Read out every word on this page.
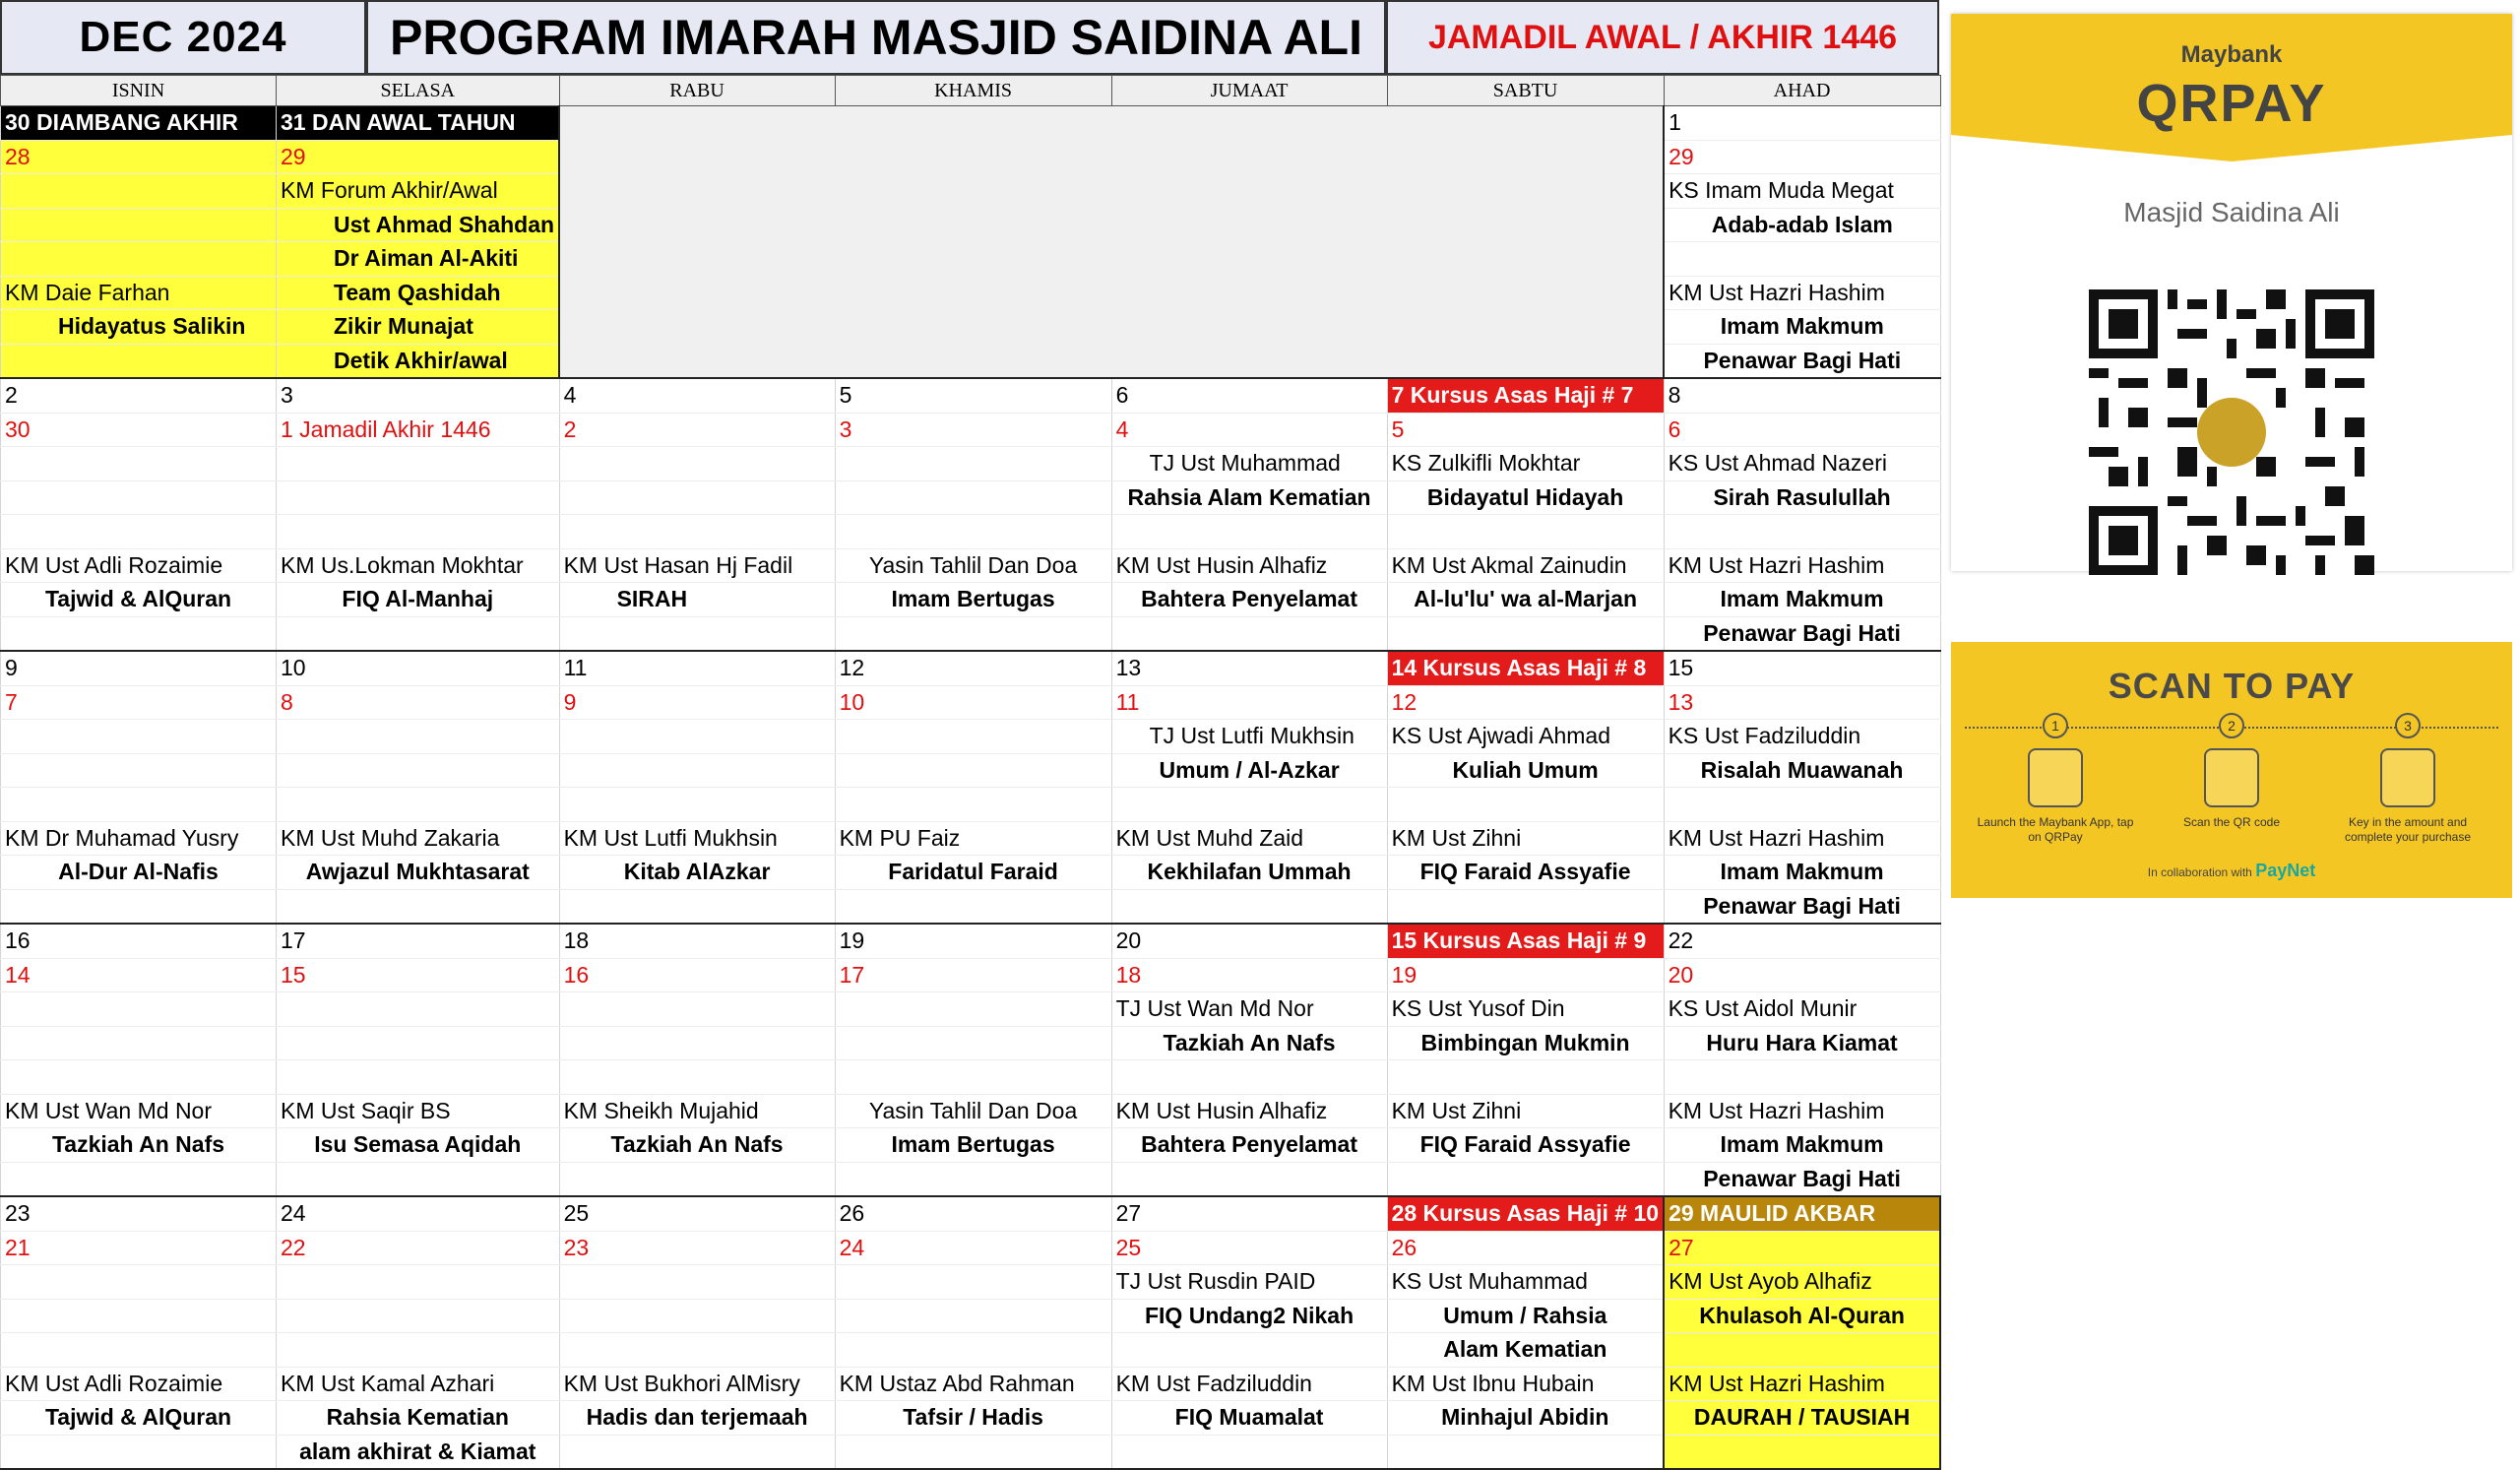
DEC 2024	PROGRAM IMARAH MASJID SAIDINA ALI	JAMADIL AWAL / AKHIR 1446
ISNIN	SELASA	RABU	KHAMIS	JUMAAT	SABTU	AHAD
30 DIAMBANG AKHIR	31 DAN AWAL TAHUN					1
28	29					29
	KM Forum Akhir/Awal					KS Imam Muda Megat
	Ust Ahmad Shahdan					Adab-adab Islam
	Dr Aiman Al-Akiti					
KM Daie Farhan	Team Qashidah					KM Ust Hazri Hashim
Hidayatus Salikin	Zikir Munajat					Imam Makmum
	Detik Akhir/awal					Penawar Bagi Hati
2	3	4	5	6	7 Kursus Asas Haji # 7	8
30	1 Jamadil Akhir 1446	2	3	4	5	6
				TJ Ust Muhammad	KS Zulkifli Mokhtar	KS Ust Ahmad Nazeri
				Rahsia Alam Kematian	Bidayatul Hidayah	Sirah Rasulullah

KM Ust Adli Rozaimie	KM Us.Lokman Mokhtar	KM Ust Hasan Hj Fadil	Yasin Tahlil Dan Doa	KM Ust Husin Alhafiz	KM Ust Akmal Zainudin	KM Ust Hazri Hashim
Tajwid & AlQuran	FIQ Al-Manhaj	SIRAH	Imam Bertugas	Bahtera Penyelamat	Al-lu'lu' wa al-Marjan	Imam Makmum
						Penawar Bagi Hati
9	10	11	12	13	14 Kursus Asas Haji # 8	15
7	8	9	10	11	12	13
				TJ Ust Lutfi Mukhsin	KS Ust Ajwadi Ahmad	KS Ust Fadziluddin
				Umum / Al-Azkar	Kuliah Umum	Risalah Muawanah

KM Dr Muhamad Yusry	KM Ust Muhd Zakaria	KM Ust Lutfi Mukhsin	KM PU Faiz	KM Ust Muhd Zaid	KM Ust Zihni	KM Ust Hazri Hashim
Al-Dur Al-Nafis	Awjazul Mukhtasarat	Kitab AlAzkar	Faridatul Faraid	Kekhilafan Ummah	FIQ Faraid Assyafie	Imam Makmum
						Penawar Bagi Hati
16	17	18	19	20	15 Kursus Asas Haji # 9	22
14	15	16	17	18	19	20
				TJ Ust Wan Md Nor	KS Ust Yusof Din	KS Ust Aidol Munir
				Tazkiah An Nafs	Bimbingan Mukmin	Huru Hara Kiamat

KM Ust Wan Md Nor	KM Ust Saqir BS	KM Sheikh Mujahid	Yasin Tahlil Dan Doa	KM Ust Husin Alhafiz	KM Ust Zihni	KM Ust Hazri Hashim
Tazkiah An Nafs	Isu Semasa Aqidah	Tazkiah An Nafs	Imam Bertugas	Bahtera Penyelamat	FIQ Faraid Assyafie	Imam Makmum
						Penawar Bagi Hati
23	24	25	26	27	28 Kursus Asas Haji # 10	29 MAULID AKBAR
21	22	23	24	25	26	27
				TJ Ust Rusdin PAID	KS Ust Muhammad	KM Ust Ayob Alhafiz
				FIQ Undang2 Nikah	Umum / Rahsia	Khulasoh Al-Quran
					Alam Kematian	
KM Ust Adli Rozaimie	KM Ust Kamal Azhari	KM Ust Bukhori AlMisry	KM Ustaz Abd Rahman	KM Ust Fadziluddin	KM Ust Ibnu Hubain	KM Ust Hazri Hashim
Tajwid & AlQuran	Rahsia Kematian	Hadis dan terjemaah	Tafsir / Hadis	FIQ Muamalat	Minhajul Abidin	DAURAH / TAUSIAH
	alam akhirat & Kiamat					
Maybank
QRPAY
Masjid Saidina Ali
SCAN TO PAY
1
Launch the Maybank App, tap on QRPay
2
Scan the QR code
3
Key in the amount and complete your purchase
In collaboration with PayNet
